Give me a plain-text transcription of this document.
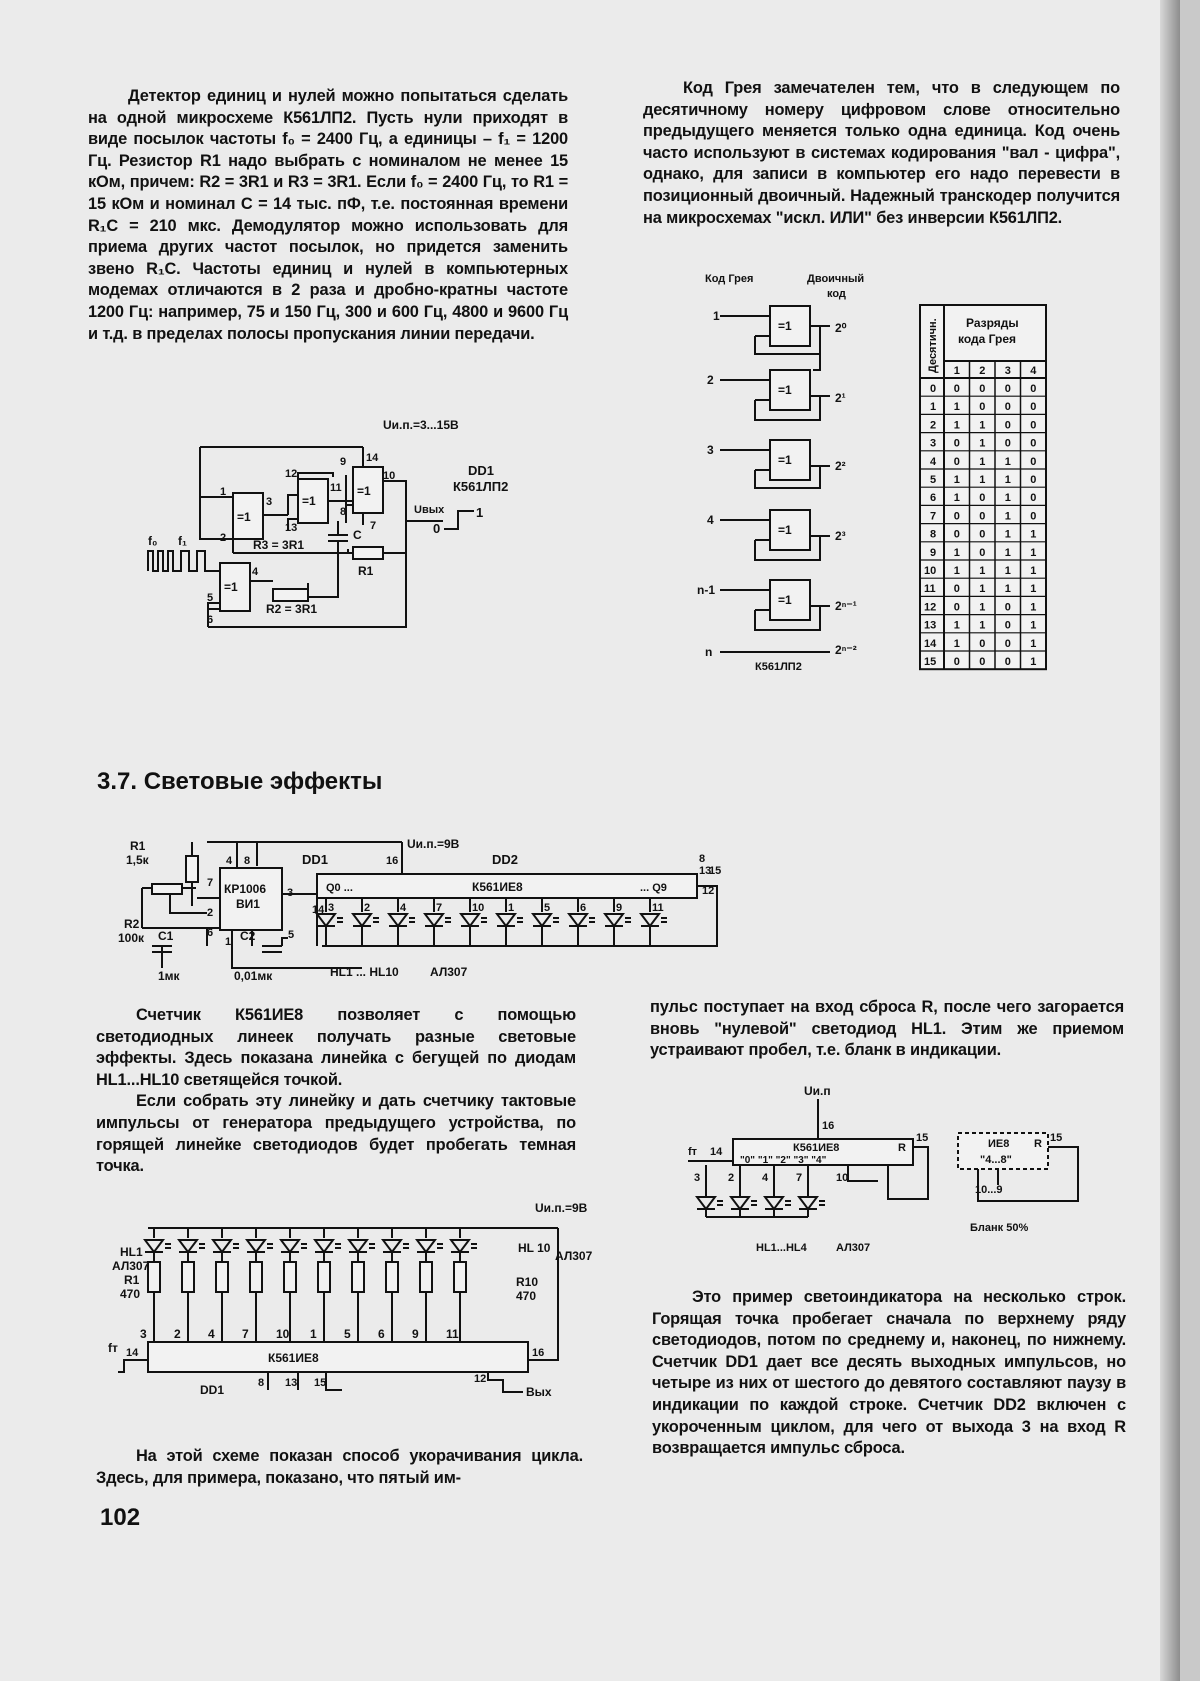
Детектор единиц и нулей можно попытаться сделать на одной микросхеме К561ЛП2. Пусть нули приходят в виде посылок частоты f₀ = 2400 Гц, а единицы – f₁ = 1200 Гц. Резистор R1 надо выбрать с номиналом не менее 15 кОм, причем: R2 = 3R1 и R3 = 3R1. Если f₀ = 2400 Гц, то R1 = 15 кОм и номинал C = 14 тыс. пФ, т.е. постоянная времени R₁C = 210 мкс. Демодулятор можно использовать для приема других частот посылок, но придется заменить звено R₁C. Частоты единиц и нулей в компьютерных модемах отличаются в 2 раза и дробно-кратны частоте 1200 Гц: например, 75 и 150 Гц, 300 и 600 Гц, 4800 и 9600 Гц и т.д. в пределах полосы пропускания линии передачи.

Код Грея замечателен тем, что в следующем по десятичному номеру цифровом слове относительно предыдущего меняется только одна единица. Код очень часто используют в системах кодирования "вал - цифра", однако, для записи в компьютер его надо перевести в позиционный двоичный. Надежный транскодер получится на микросхемах "искл. ИЛИ" без инверсии К561ЛП2.

Uи.п.=3...15В
DD1
К561ЛП2
=1
1
2
3 =1
12
13
11 =1
9
8
14
10
7
C
Uвых 1
0
R3 = 3R1
R1
R2 = 3R1
=1
4
5
6
f₀ f₁
Код Грея	Двоичный
код
=1
1
2⁰
=1
2
2¹
=1
3
2²
=1
4
2³
=1
n-1
2ⁿ⁻¹
n	2ⁿ⁻²
К561ЛП2
Десятичн. Разряды
кода Грея
1 2 3 4
0 0 0 0 0
1 1 0 0 0
2 1 1 0 0
3 0 1 0 0
4 0 1 1 0
5 1 1 1 0
6 1 0 1 0
7 0 0 1 0
8 0 0 1 1
9 1 0 1 1
10 1 1 1 1
11 0 1 1 1
12 0 1 0 1
13 1 1 0 1
14 1 0 0 1
15 0 0 0 1
3.7. Световые эффекты
Uи.п.=9В
R1
1,5к
R2
100к
КР1006
ВИ1
4 8
7
2
6
1
3
5
DD1
C1
1мк
C2
0,01мк
Q0 ...	... Q9
К561ИЕ8
DD2
16	8
13
15
14
12
3	2	4	7	10 1	5	6	9	11
HL1 ... HL10	АЛ307

Счетчик К561ИЕ8 позволяет с помощью светодиодных линеек получать разные световые эффекты. Здесь показана линейка с бегущей по диодам HL1...HL10 светящейся точкой.

Если собрать эту линейку и дать счетчику тактовые импульсы от генератора предыдущего устройства, по горящей линейке светодиодов будет пробегать темная точка.

пульс поступает на вход сброса R, после чего загорается вновь "нулевой" светодиод HL1. Этим же приемом устраивают пробел, т.е. бланк в индикации.

Uи.п
16
К561ИЕ8	R
"0" "1" "2" "3" "4"
fт 14
15
3	2	4	7	10
HL1...HL4	АЛ307
ИЕ8 R
"4...8"
15
10...9
Бланк 50%
Uи.п.=9В
3 2 4 7 10 1 5 6 9 11
HL1
АЛ307
R1
470
HL 10
АЛ307
R10
470
К561ИЕ8
DD1
fт 14	16
8 13 15	12
Вых

Это пример светоиндикатора на несколько строк. Горящая точка пробегает сначала по верхнему ряду светодиодов, потом по среднему и, наконец, по нижнему. Счетчик DD1 дает все десять выходных импульсов, но четыре из них от шестого до девятого составляют паузу в индикации по каждой строке. Счетчик DD2 включен с укороченным циклом, для чего от выхода 3 на вход R возвращается импульс сброса.

На этой схеме показан способ укорачивания цикла. Здесь, для примера, показано, что пятый им-

102
